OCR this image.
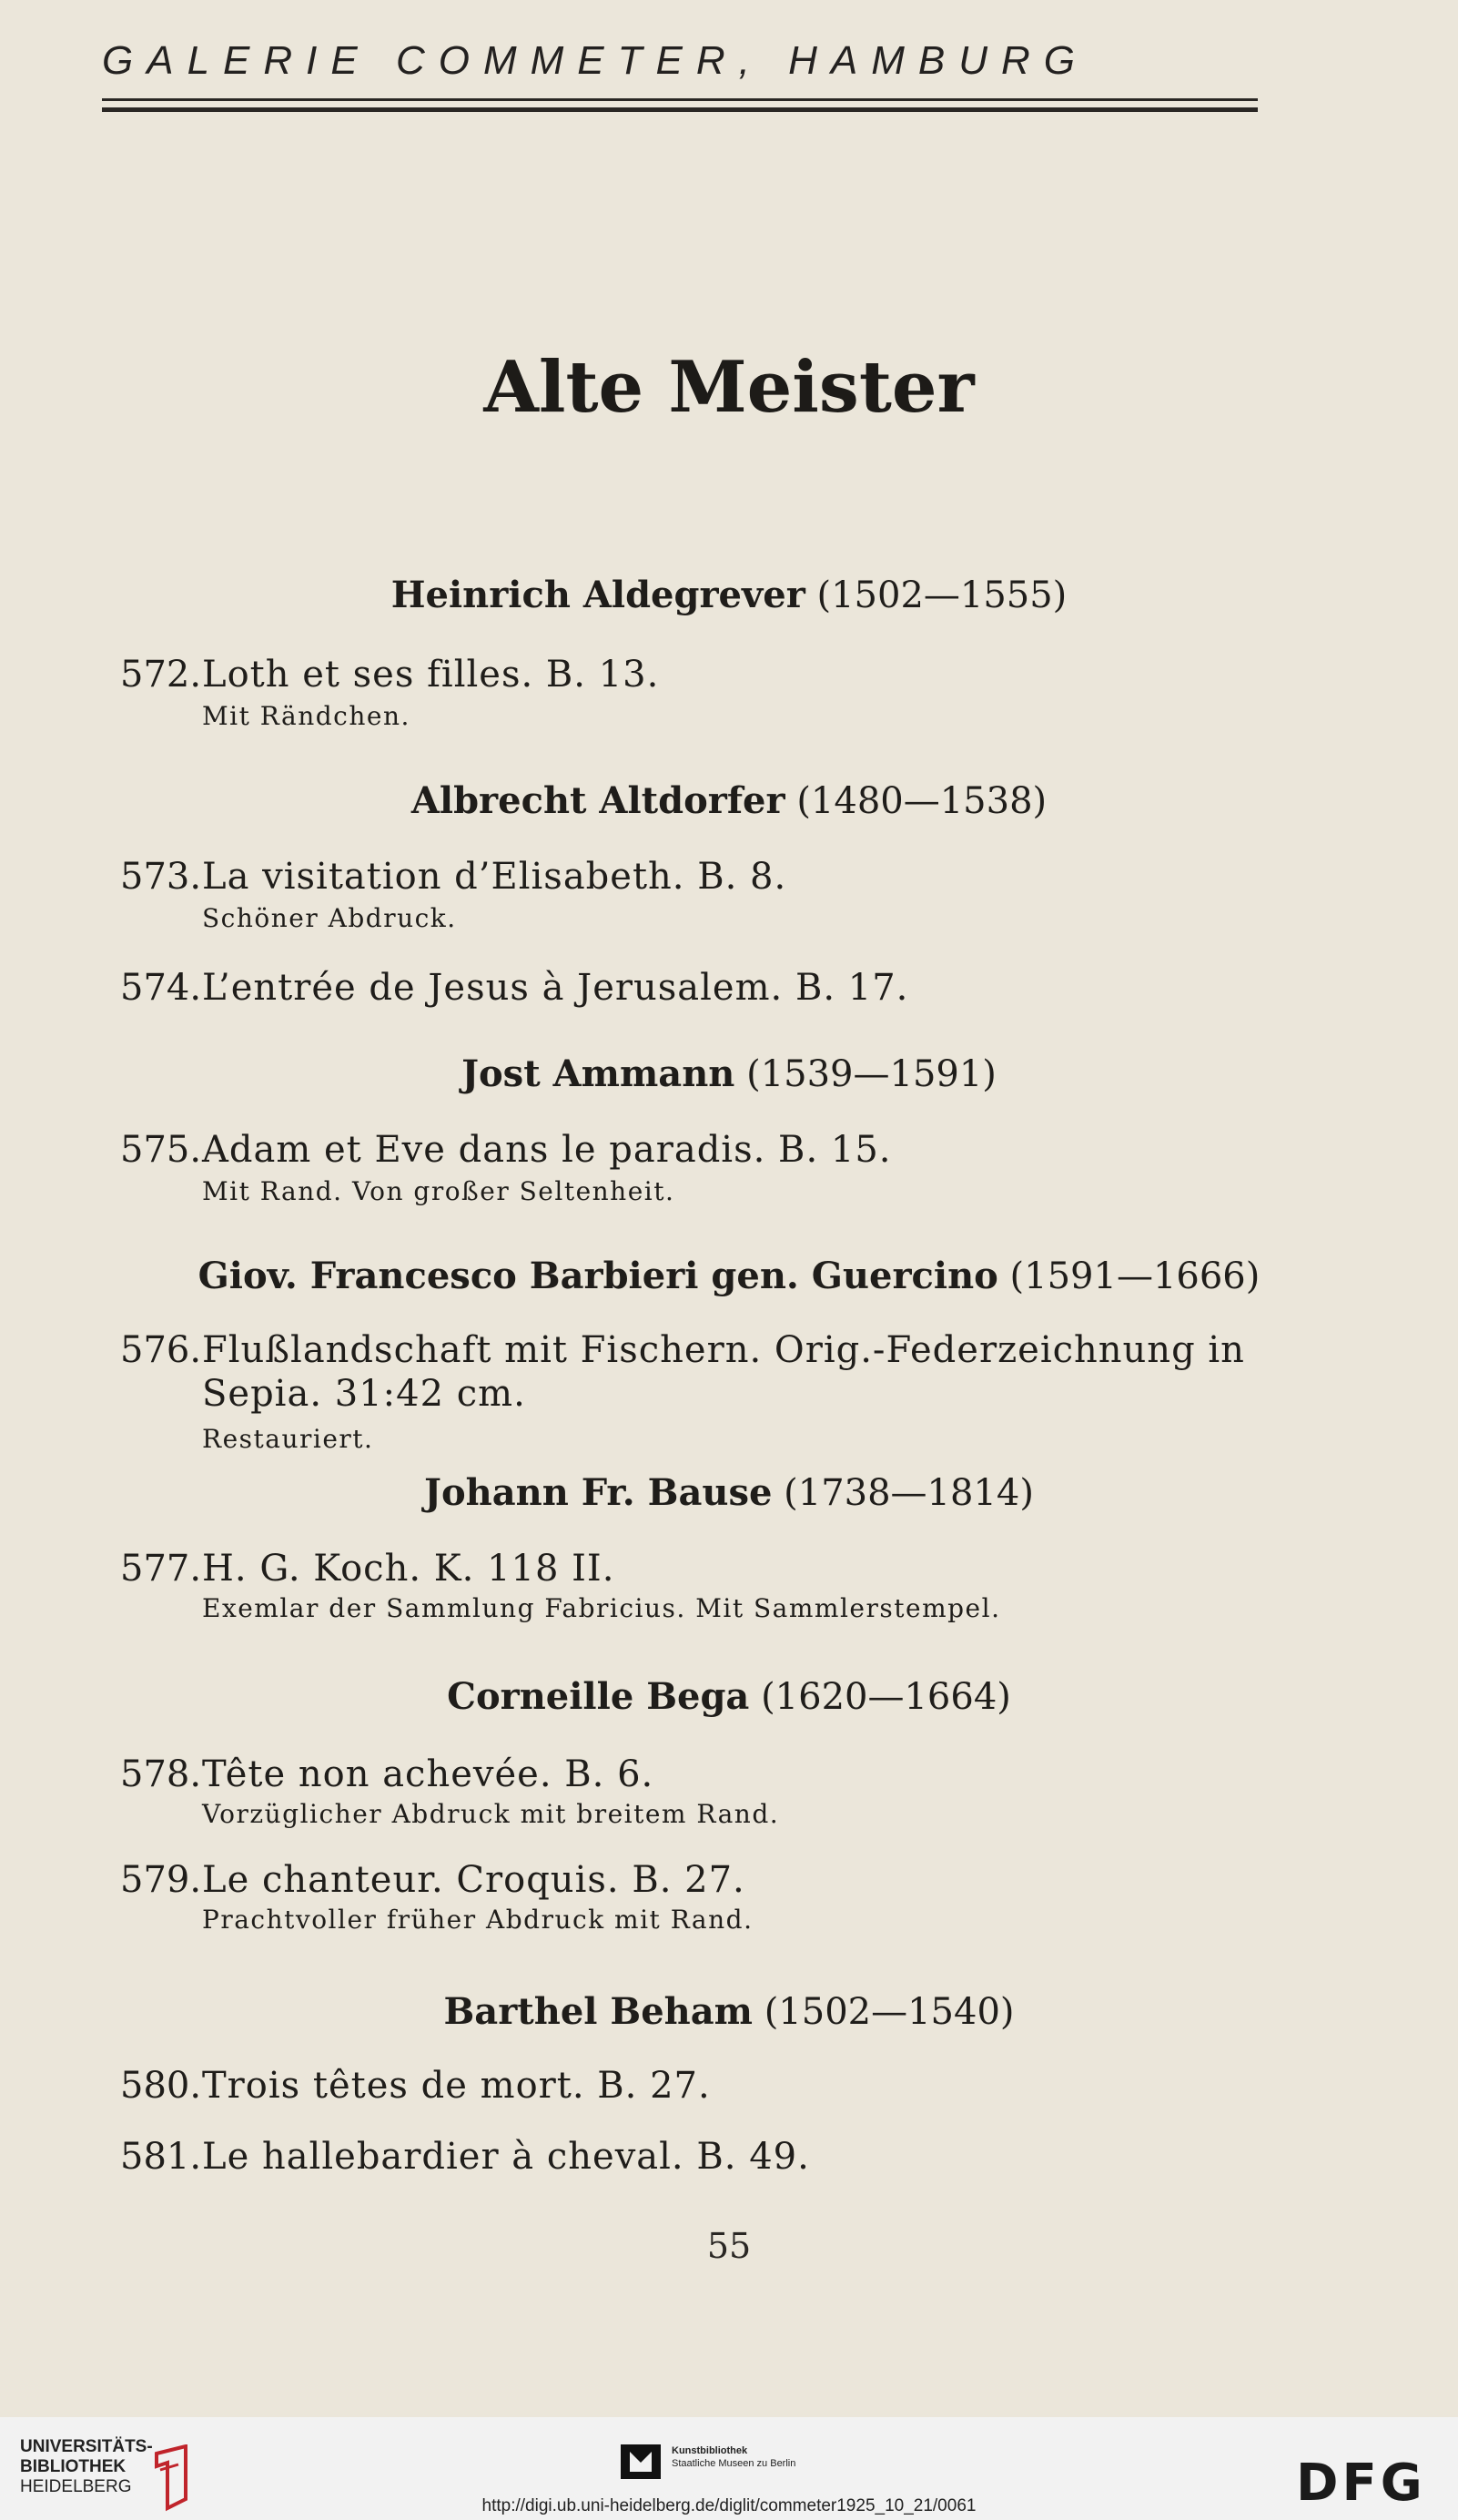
GALERIE COMMETER, HAMBURG
Alte Meister
Heinrich Aldegrever (1502—1555)
572. Loth et ses filles. B. 13.
Mit Rändchen.
Albrecht Altdorfer (1480—1538)
573. La visitation d’Elisabeth. B. 8.
Schöner Abdruck.
574. L’entrée de Jesus à Jerusalem. B. 17.
Jost Ammann (1539—1591)
575. Adam et Eve dans le paradis. B. 15.
Mit Rand. Von großer Seltenheit.
Giov. Francesco Barbieri gen. Guercino (1591—1666)
576. Flußlandschaft mit Fischern. Orig.-Federzeichnung in
Sepia. 31:42 cm.
Restauriert.
Johann Fr. Bause (1738—1814)
577. H. G. Koch. K. 118 II.
Exemlar der Sammlung Fabricius. Mit Sammlerstempel.
Corneille Bega (1620—1664)
578. Tête non achevée. B. 6.
Vorzüglicher Abdruck mit breitem Rand.
579. Le chanteur. Croquis. B. 27.
Prachtvoller früher Abdruck mit Rand.
Barthel Beham (1502—1540)
580. Trois têtes de mort. B. 27.
581. Le hallebardier à cheval. B. 49.
55
UNIVERSITÄTS-
BIBLIOTHEK
HEIDELBERG
Kunstbibliothek
Staatliche Museen zu Berlin	DFG
http://digi.ub.uni-heidelberg.de/diglit/commeter1925_10_21/0061
